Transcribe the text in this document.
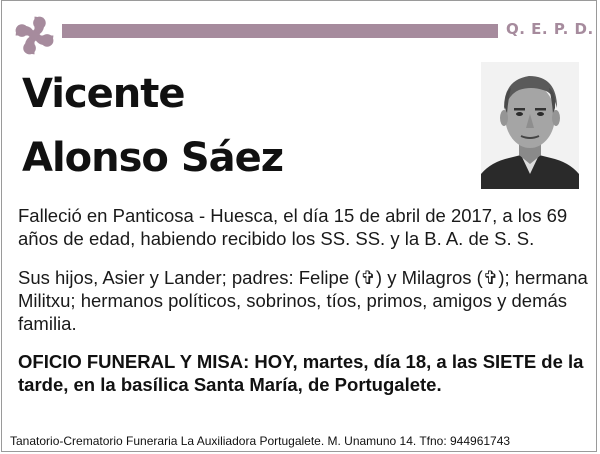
Q. E. P. D.
Vicente
Alonso Sáez
Falleció en Panticosa - Huesca, el día 15 de abril de 2017, a los 69 años de edad, habiendo recibido los SS. SS. y la B. A. de S. S.
Sus hijos, Asier y Lander; padres: Felipe (✞) y Milagros (✞); hermana Militxu; hermanos políticos, sobrinos, tíos, primos, amigos y demás familia.
OFICIO FUNERAL Y MISA: HOY, martes, día 18, a las SIETE de la tarde, en la basílica Santa María, de Portugalete.
Tanatorio-Crematorio Funeraria La Auxiliadora Portugalete. M. Unamuno 14. Tfno: 944961743
